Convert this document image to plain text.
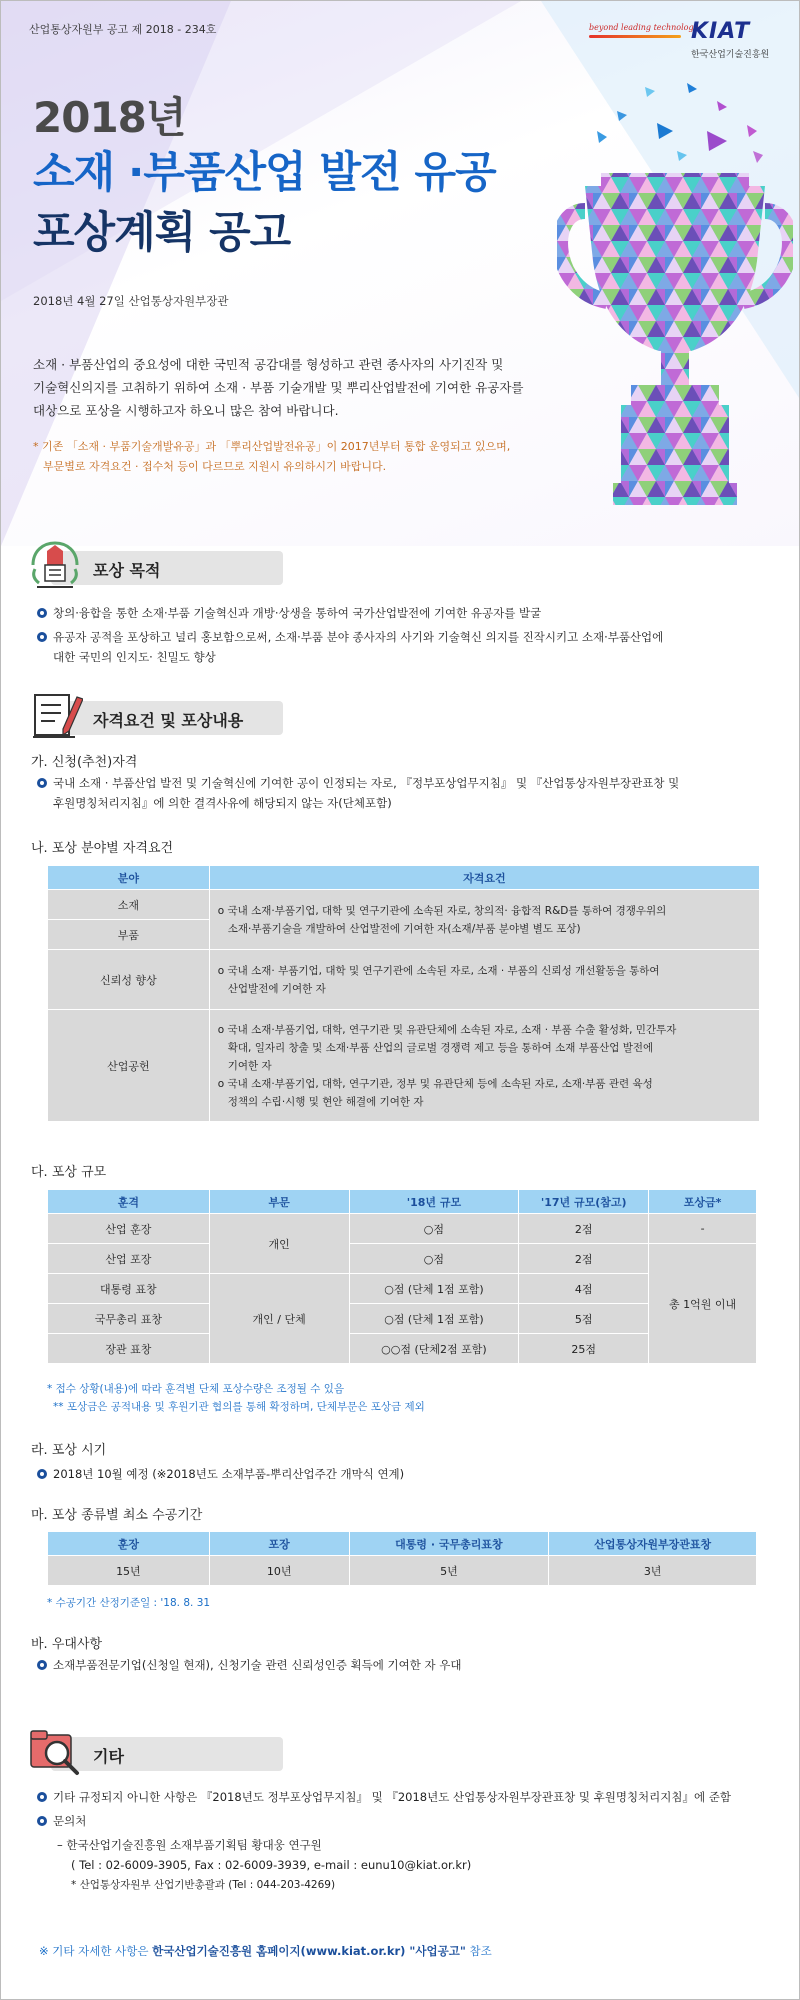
산업통상자원부 공고 제 2018 - 234호	beyond leading technology
KIAT
한국산업기술진흥원
2018년
소재 ·부품산업 발전 유공
포상계획 공고
2018년 4월 27일 산업통상자원부장관
소재 · 부품산업의 중요성에 대한 국민적 공감대를 형성하고 관련 종사자의 사기진작 및
기술혁신의지를 고취하기 위하여 소재 · 부품 기술개발 및 뿌리산업발전에 기여한 유공자를
대상으로 포상을 시행하고자 하오니 많은 참여 바랍니다.
* 기존 「소재 · 부품기술개발유공」과 「뿌리산업발전유공」이 2017년부터 통합 운영되고 있으며,
부문별로 자격요건 · 접수처 등이 다르므로 지원시 유의하시기 바랍니다.
포상 목적
창의·융합을 통한 소재·부품 기술혁신과 개방·상생을 통하여 국가산업발전에 기여한 유공자를 발굴
유공자 공적을 포상하고 널리 홍보함으로써, 소재·부품 분야 종사자의 사기와 기술혁신 의지를 진작시키고 소재·부품산업에
대한 국민의 인지도· 친밀도 향상
자격요건 및 포상내용
가. 신청(추천)자격
국내 소재 · 부품산업 발전 및 기술혁신에 기여한 공이 인정되는 자로, 『정부포상업무지침』 및 『산업통상자원부장관표창 및
후원명칭처리지침』에 의한 결격사유에 해당되지 않는 자(단체포함)
나. 포상 분야별 자격요건
분야	자격요건
소재	o 국내 소재·부품기업, 대학 및 연구기관에 소속된 자로, 창의적· 융합적 R&D를 통하여 경쟁우위의
소재·부품기술을 개발하여 산업발전에 기여한 자(소재/부품 분야별 별도 포상)

부품	
신뢰성 향상	o 국내 소재· 부품기업, 대학 및 연구기관에 소속된 자로, 소재 · 부품의 신뢰성 개선활동을 통하여
산업발전에 기여한 자

산업공헌	o 국내 소재·부품기업, 대학, 연구기관 및 유관단체에 소속된 자로, 소재 · 부품 수출 활성화, 민간투자
확대, 일자리 창출 및 소재·부품 산업의 글로벌 경쟁력 제고 등을 통하여 소재 부품산업 발전에
기여한 자
o 국내 소재·부품기업, 대학, 연구기관, 정부 및 유관단체 등에 소속된 자로, 소재·부품 관련 육성
정책의 수립·시행 및 현안 해결에 기여한 자
다. 포상 규모
훈격	부문	'18년 규모	'17년 규모(참고)	포상금*
산업 훈장	개인	○점	2점	-
산업 포장		○점	2점	총 1억원 이내
대통령 표창	개인 / 단체	○점 (단체 1점 포함)	4점	
국무총리 표창		○점 (단체 1점 포함)	5점	
장관 표창		○○점 (단체2점 포함)	25점	
* 접수 상황(내용)에 따라 훈격별 단체 포상수량은 조정될 수 있음
** 포상금은 공적내용 및 후원기관 협의를 통해 확정하며, 단체부문은 포상금 제외
라. 포상 시기
2018년 10월 예정 (※2018년도 소재부품-뿌리산업주간 개막식 연계)
마. 포상 종류별 최소 수공기간
훈장	포장	대통령 · 국무총리표창	산업통상자원부장관표창
15년	10년	5년	3년
* 수공기간 산정기준일 : '18. 8. 31
바. 우대사항
소재부품전문기업(신청일 현재), 신청기술 관련 신뢰성인증 획득에 기여한 자 우대
기타
기타 규정되지 아니한 사항은 『2018년도 정부포상업무지침』 및 『2018년도 산업통상자원부장관표창 및 후원명칭처리지침』에 준함
문의처
– 한국산업기술진흥원 소재부품기획팀 황대웅 연구원
( Tel : 02-6009-3905, Fax : 02-6009-3939, e-mail : eunu10@kiat.or.kr)
* 산업통상자원부 산업기반총괄과 (Tel : 044-203-4269)
※ 기타 자세한 사항은 한국산업기술진흥원 홈페이지(www.kiat.or.kr) "사업공고" 참조
